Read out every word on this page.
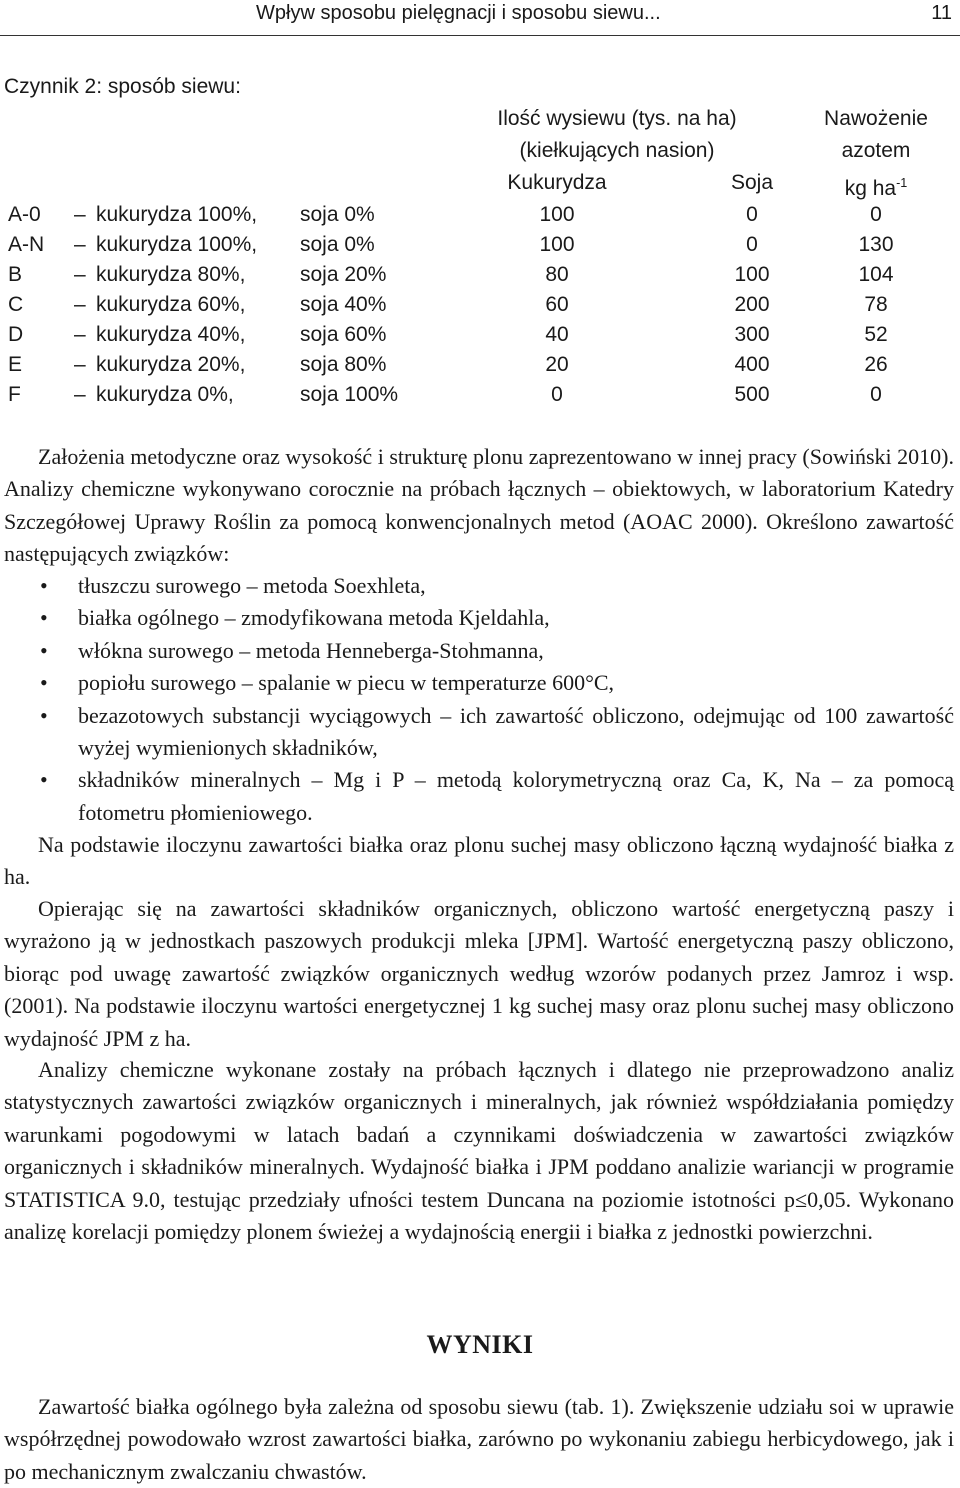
Wpływ sposobu pielęgnacji i sposobu siewu...	11
Czynnik 2: sposób siewu:
Ilość wysiewu (tys. na ha)
(kiełkujących nasion)
Kukurydza	Soja
Nawożenie
azotem
kg $ha^{-1}$
A-0 – kukurydza 100%, soja 0%	100	0	0
A-N – kukurydza 100%, soja 0%	100	0	130
B – kukurydza 80%,	soja 20%	80	100	104
C – kukurydza 60%,	soja 40%	60	200	78
D – kukurydza 40%,	soja 60%	40	300	52
E – kukurydza 20%,	soja 80%	20	400	26
F	– kukurydza 0%,	soja 100%	0	500	0

Założenia metodyczne oraz wysokość i strukturę plonu zaprezentowano w innej pracy (Sowiński 2010). Analizy chemiczne wykonywano corocznie na próbach łącznych – obiektowych, w laboratorium Katedry Szczegółowej Uprawy Roślin za pomocą konwencjonalnych metod (AOAC 2000). Określono zawartość następujących związków:

• tłuszczu surowego – metoda Soexhleta,
• białka ogólnego – zmodyfikowana metoda Kjeldahla,
• włókna surowego – metoda Henneberga-Stohmanna,
• popiołu surowego – spalanie w piecu w temperaturze 600°C,
• bezazotowych substancji wyciągowych – ich zawartość obliczono, odejmując od 100 zawartość wyżej wymienionych składników,
• składników mineralnych – Mg i P – metodą kolorymetryczną oraz Ca, K, Na – za pomocą fotometru płomieniowego.

Na podstawie iloczynu zawartości białka oraz plonu suchej masy obliczono łączną wydajność białka z ha.

Opierając się na zawartości składników organicznych, obliczono wartość energetyczną paszy i wyrażono ją w jednostkach paszowych produkcji mleka [JPM]. Wartość energetyczną paszy obliczono, biorąc pod uwagę zawartość związków organicznych według wzorów podanych przez Jamroz i wsp. (2001). Na podstawie iloczynu wartości energetycznej 1 kg suchej masy oraz plonu suchej masy obliczono wydajność JPM z ha.

Analizy chemiczne wykonane zostały na próbach łącznych i dlatego nie przeprowadzono analiz statystycznych zawartości związków organicznych i mineralnych, jak również współdziałania pomiędzy warunkami pogodowymi w latach badań a czynnikami doświadczenia w zawartości związków organicznych i składników mineralnych. Wydajność białka i JPM poddano analizie wariancji w programie STATISTICA 9.0, testując przedziały ufności testem Duncana na poziomie istotności p≤0,05. Wykonano analizę korelacji pomiędzy plonem świeżej a wydajnością energii i białka z jednostki powierzchni.

WYNIKI

Zawartość białka ogólnego była zależna od sposobu siewu (tab. 1). Zwiększenie udziału soi w uprawie współrzędnej powodowało wzrost zawartości białka, zarówno po wykonaniu zabiegu herbicydowego, jak i po mechanicznym zwalczaniu chwastów.
